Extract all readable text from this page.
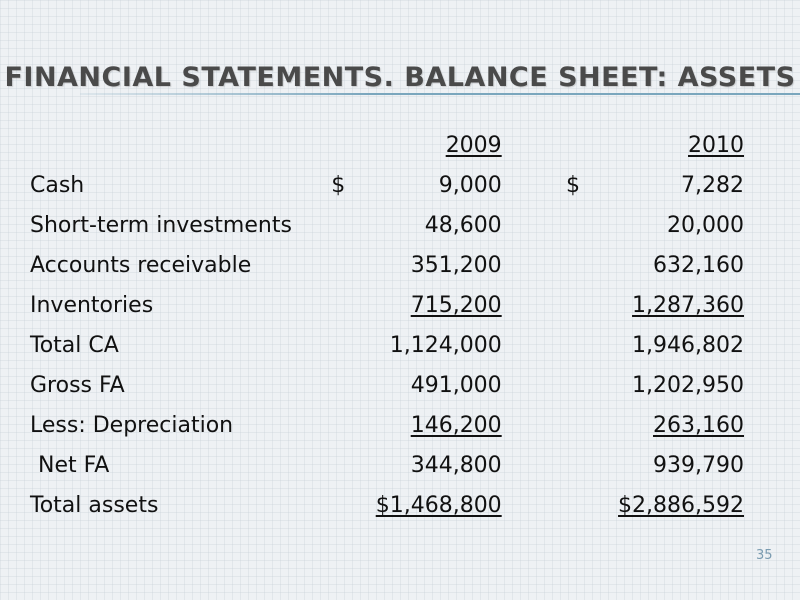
FINANCIAL STATEMENTS. BALANCE SHEET: ASSETS
		2009		2010
Cash	$	9,000	$	7,282
Short-term investments		48,600		20,000
Accounts receivable		351,200		632,160
Inventories		715,200		1,287,360
Total CA		1,124,000		1,946,802
Gross FA		491,000		1,202,950
Less: Depreciation		146,200		263,160
Net FA		344,800		939,790
Total assets		$1,468,800		$2,886,592
35
